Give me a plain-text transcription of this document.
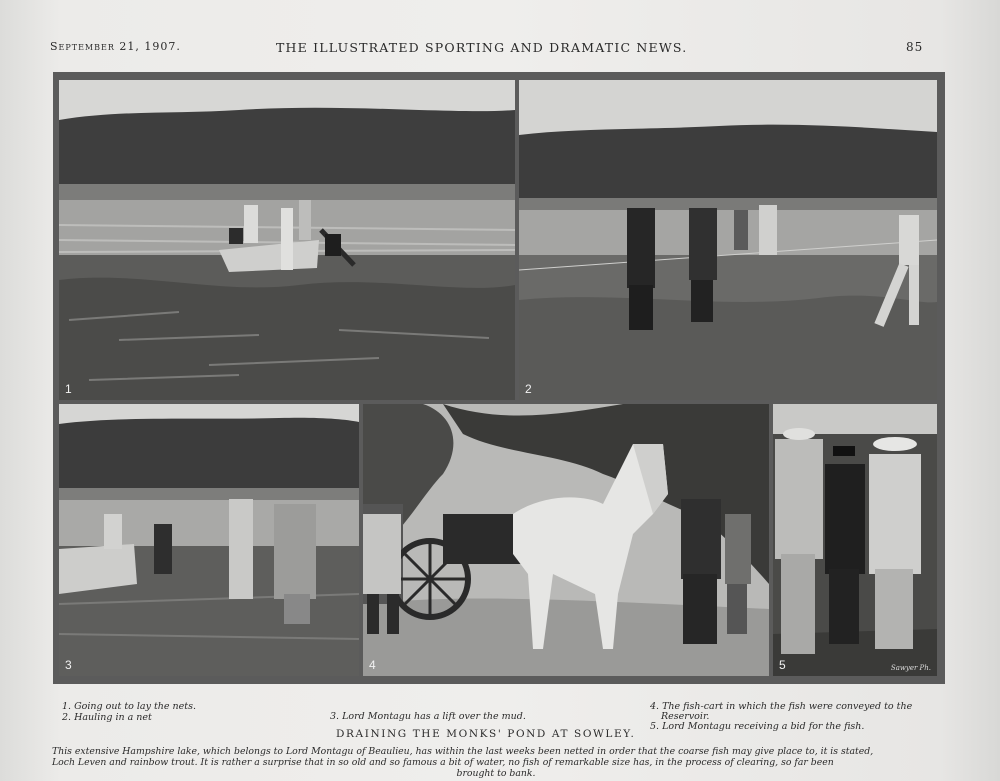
September 21, 1907.	THE ILLUSTRATED SPORTING AND DRAMATIC NEWS.	85
1	2
3	4	5	Sawyer Ph.
1. Going out to lay the nets.
2. Hauling in a net	3. Lord Montagu has a lift over the mud.
4. The fish-cart in which the fish were conveyed to the
Reservoir.
5. Lord Montagu receiving a bid for the fish.
DRAINING THE MONKS' POND AT SOWLEY.
This extensive Hampshire lake, which belongs to Lord Montagu of Beaulieu, has within the last weeks been netted in order that the coarse fish may give place to, it is stated,
Loch Leven and rainbow trout. It is rather a surprise that in so old and so famous a bit of water, no fish of remarkable size has, in the process of clearing, so far been
brought to bank.
